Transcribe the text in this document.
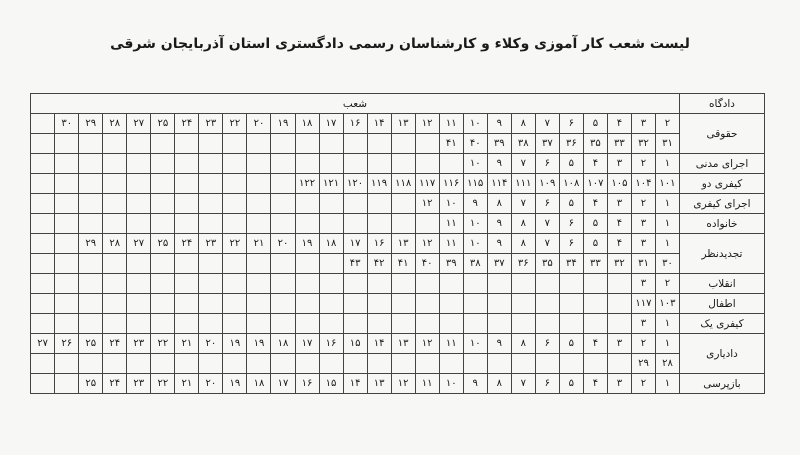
لیست شعب کار آموزی وکلاء و کارشناسان رسمی دادگستری استان آذربایجان شرقی
دادگاه	شعب																										
حقوقی	۲	۳	۴	۵	۶	۷	۸	۹	۱۰	۱۱	۱۲	۱۳	۱۴	۱۶	۱۷	۱۸	۱۹	۲۰	۲۲	۲۳	۲۴	۲۵	۲۷	۲۸	۲۹	۳۰	
	۳۱	۳۲	۳۳	۳۵	۳۶	۳۷	۳۸	۳۹	۴۰	۴۱																	
اجرای مدنی	۱	۲	۳	۴	۵	۶	۷	۹	۱۰																		
کیفری دو	۱۰۱	۱۰۴	۱۰۵	۱۰۷	۱۰۸	۱۰۹	۱۱۱	۱۱۴	۱۱۵	۱۱۶	۱۱۷	۱۱۸	۱۱۹	۱۲۰	۱۲۱	۱۲۲											
اجرای کیفری	۱	۲	۳	۴	۵	۶	۷	۸	۹	۱۰	۱۲																
خانواده	۱	۳	۴	۵	۶	۷	۸	۹	۱۰	۱۱																	
تجدیدنظر	۱	۳	۴	۵	۶	۷	۸	۹	۱۰	۱۱	۱۲	۱۳	۱۶	۱۷	۱۸	۱۹	۲۰	۲۱	۲۲	۲۳	۲۴	۲۵	۲۷	۲۸	۲۹		
	۳۰	۳۱	۳۲	۳۳	۳۴	۳۵	۳۶	۳۷	۳۸	۳۹	۴۰	۴۱	۴۲	۴۳													
انقلاب	۲	۳																									
اطفال	۱۰۳	۱۱۷																									
کیفری یک	۱	۳																									
دادیاری	۱	۲	۳	۴	۵	۶	۸	۹	۱۰	۱۱	۱۲	۱۳	۱۴	۱۵	۱۶	۱۷	۱۸	۱۹	۱۹	۲۰	۲۱	۲۲	۲۳	۲۴	۲۵	۲۶	۲۷
	۲۸	۲۹																									
بازپرسی	۱	۲	۳	۴	۵	۶	۷	۸	۹	۱۰	۱۱	۱۲	۱۳	۱۴	۱۵	۱۶	۱۷	۱۸	۱۹	۲۰	۲۱	۲۲	۲۳	۲۴	۲۵		
